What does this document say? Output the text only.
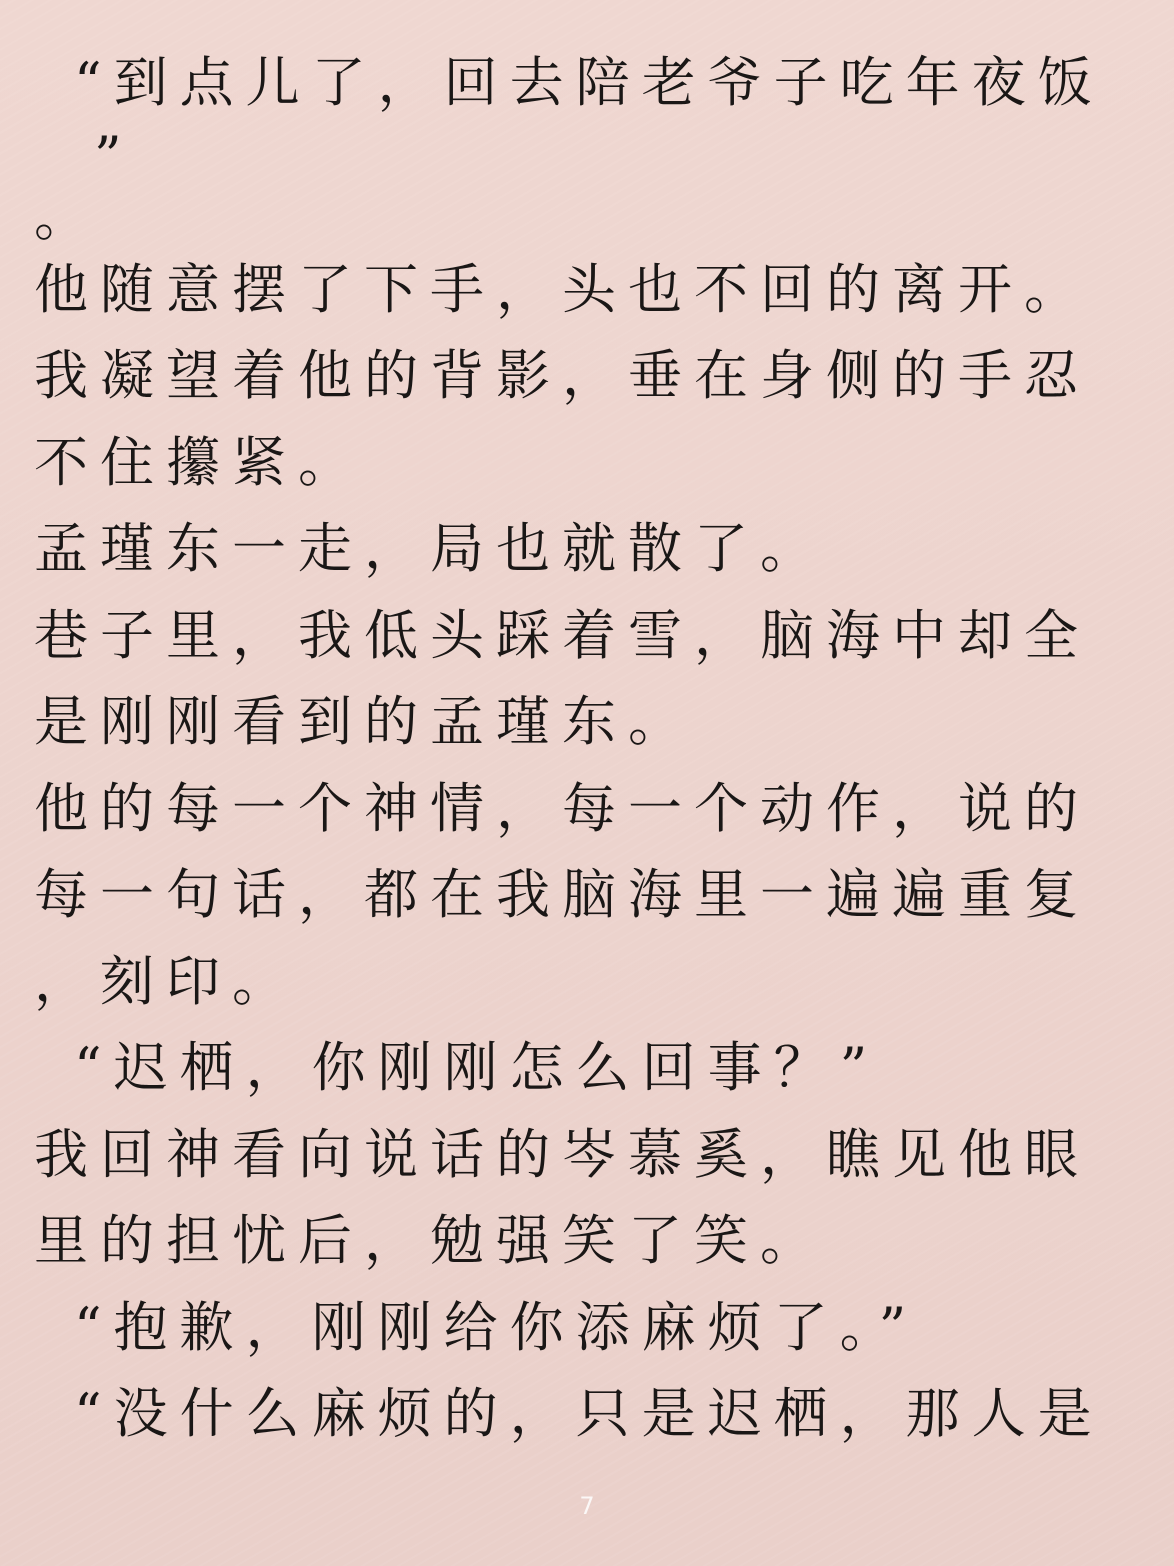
“到点儿了，回去陪老爷子吃年夜饭
”
。
他随意摆了下手，头也不回的离开。
我凝望着他的背影，垂在身侧的手忍
不住攥紧。
孟瑾东一走，局也就散了。
巷子里，我低头踩着雪，脑海中却全
是刚刚看到的孟瑾东。
他的每一个神情，每一个动作，说的
每一句话，都在我脑海里一遍遍重复
，刻印。
“迟栖，你刚刚怎么回事？”
我回神看向说话的岑慕奚，瞧见他眼
里的担忧后，勉强笑了笑。
“抱歉，刚刚给你添麻烦了。”
“没什么麻烦的，只是迟栖，那人是
7
